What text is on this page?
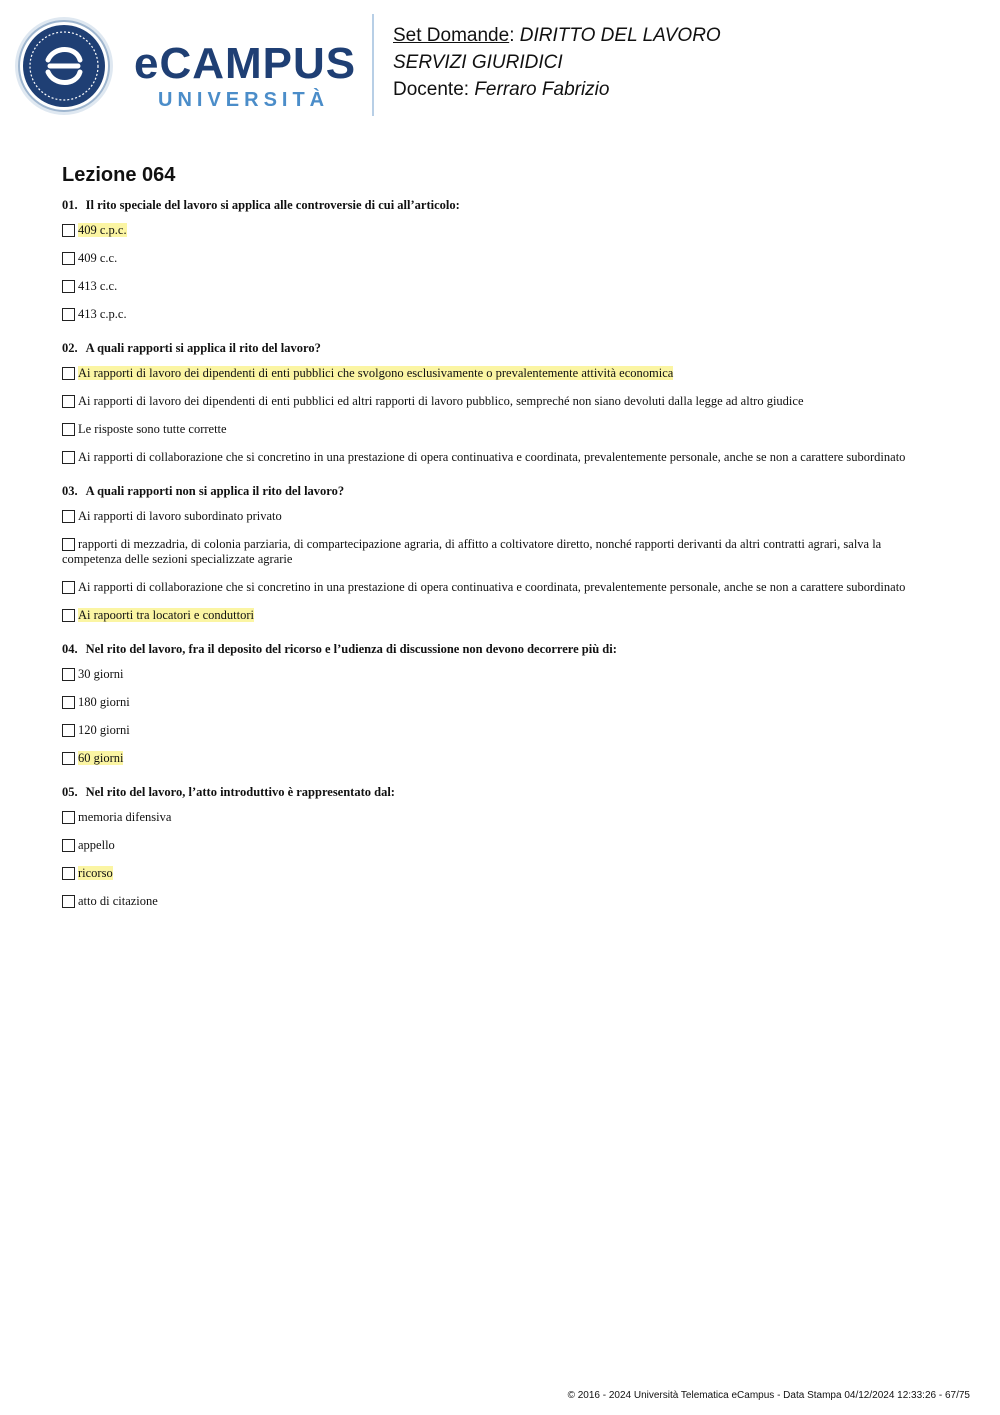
eCAMPUS
UNIVERSITÀ
Set Domande: DIRITTO DEL LAVORO
SERVIZI GIURIDICI
Docente: Ferraro Fabrizio
Lezione 064
01. Il rito speciale del lavoro si applica alle controversie di cui all’articolo:
409 c.p.c.
409 c.c.
413 c.c.
413 c.p.c.
02. A quali rapporti si applica il rito del lavoro?
Ai rapporti di lavoro dei dipendenti di enti pubblici che svolgono esclusivamente o prevalentemente attività economica
Ai rapporti di lavoro dei dipendenti di enti pubblici ed altri rapporti di lavoro pubblico, sempreché non siano devoluti dalla legge ad altro giudice
Le risposte sono tutte corrette
Ai rapporti di collaborazione che si concretino in una prestazione di opera continuativa e coordinata, prevalentemente personale, anche se non a carattere subordinato
03. A quali rapporti non si applica il rito del lavoro?
Ai rapporti di lavoro subordinato privato
rapporti di mezzadria, di colonia parziaria, di compartecipazione agraria, di affitto a coltivatore diretto, nonché rapporti derivanti da altri contratti agrari, salva la competenza delle sezioni specializzate agrarie
Ai rapporti di collaborazione che si concretino in una prestazione di opera continuativa e coordinata, prevalentemente personale, anche se non a carattere subordinato
Ai rapoorti tra locatori e conduttori
04. Nel rito del lavoro, fra il deposito del ricorso e l’udienza di discussione non devono decorrere più di:
30 giorni
180 giorni
120 giorni
60 giorni
05. Nel rito del lavoro, l’atto introduttivo è rappresentato dal:
memoria difensiva
appello
ricorso
atto di citazione
© 2016 - 2024 Università Telematica eCampus - Data Stampa 04/12/2024 12:33:26 - 67/75
